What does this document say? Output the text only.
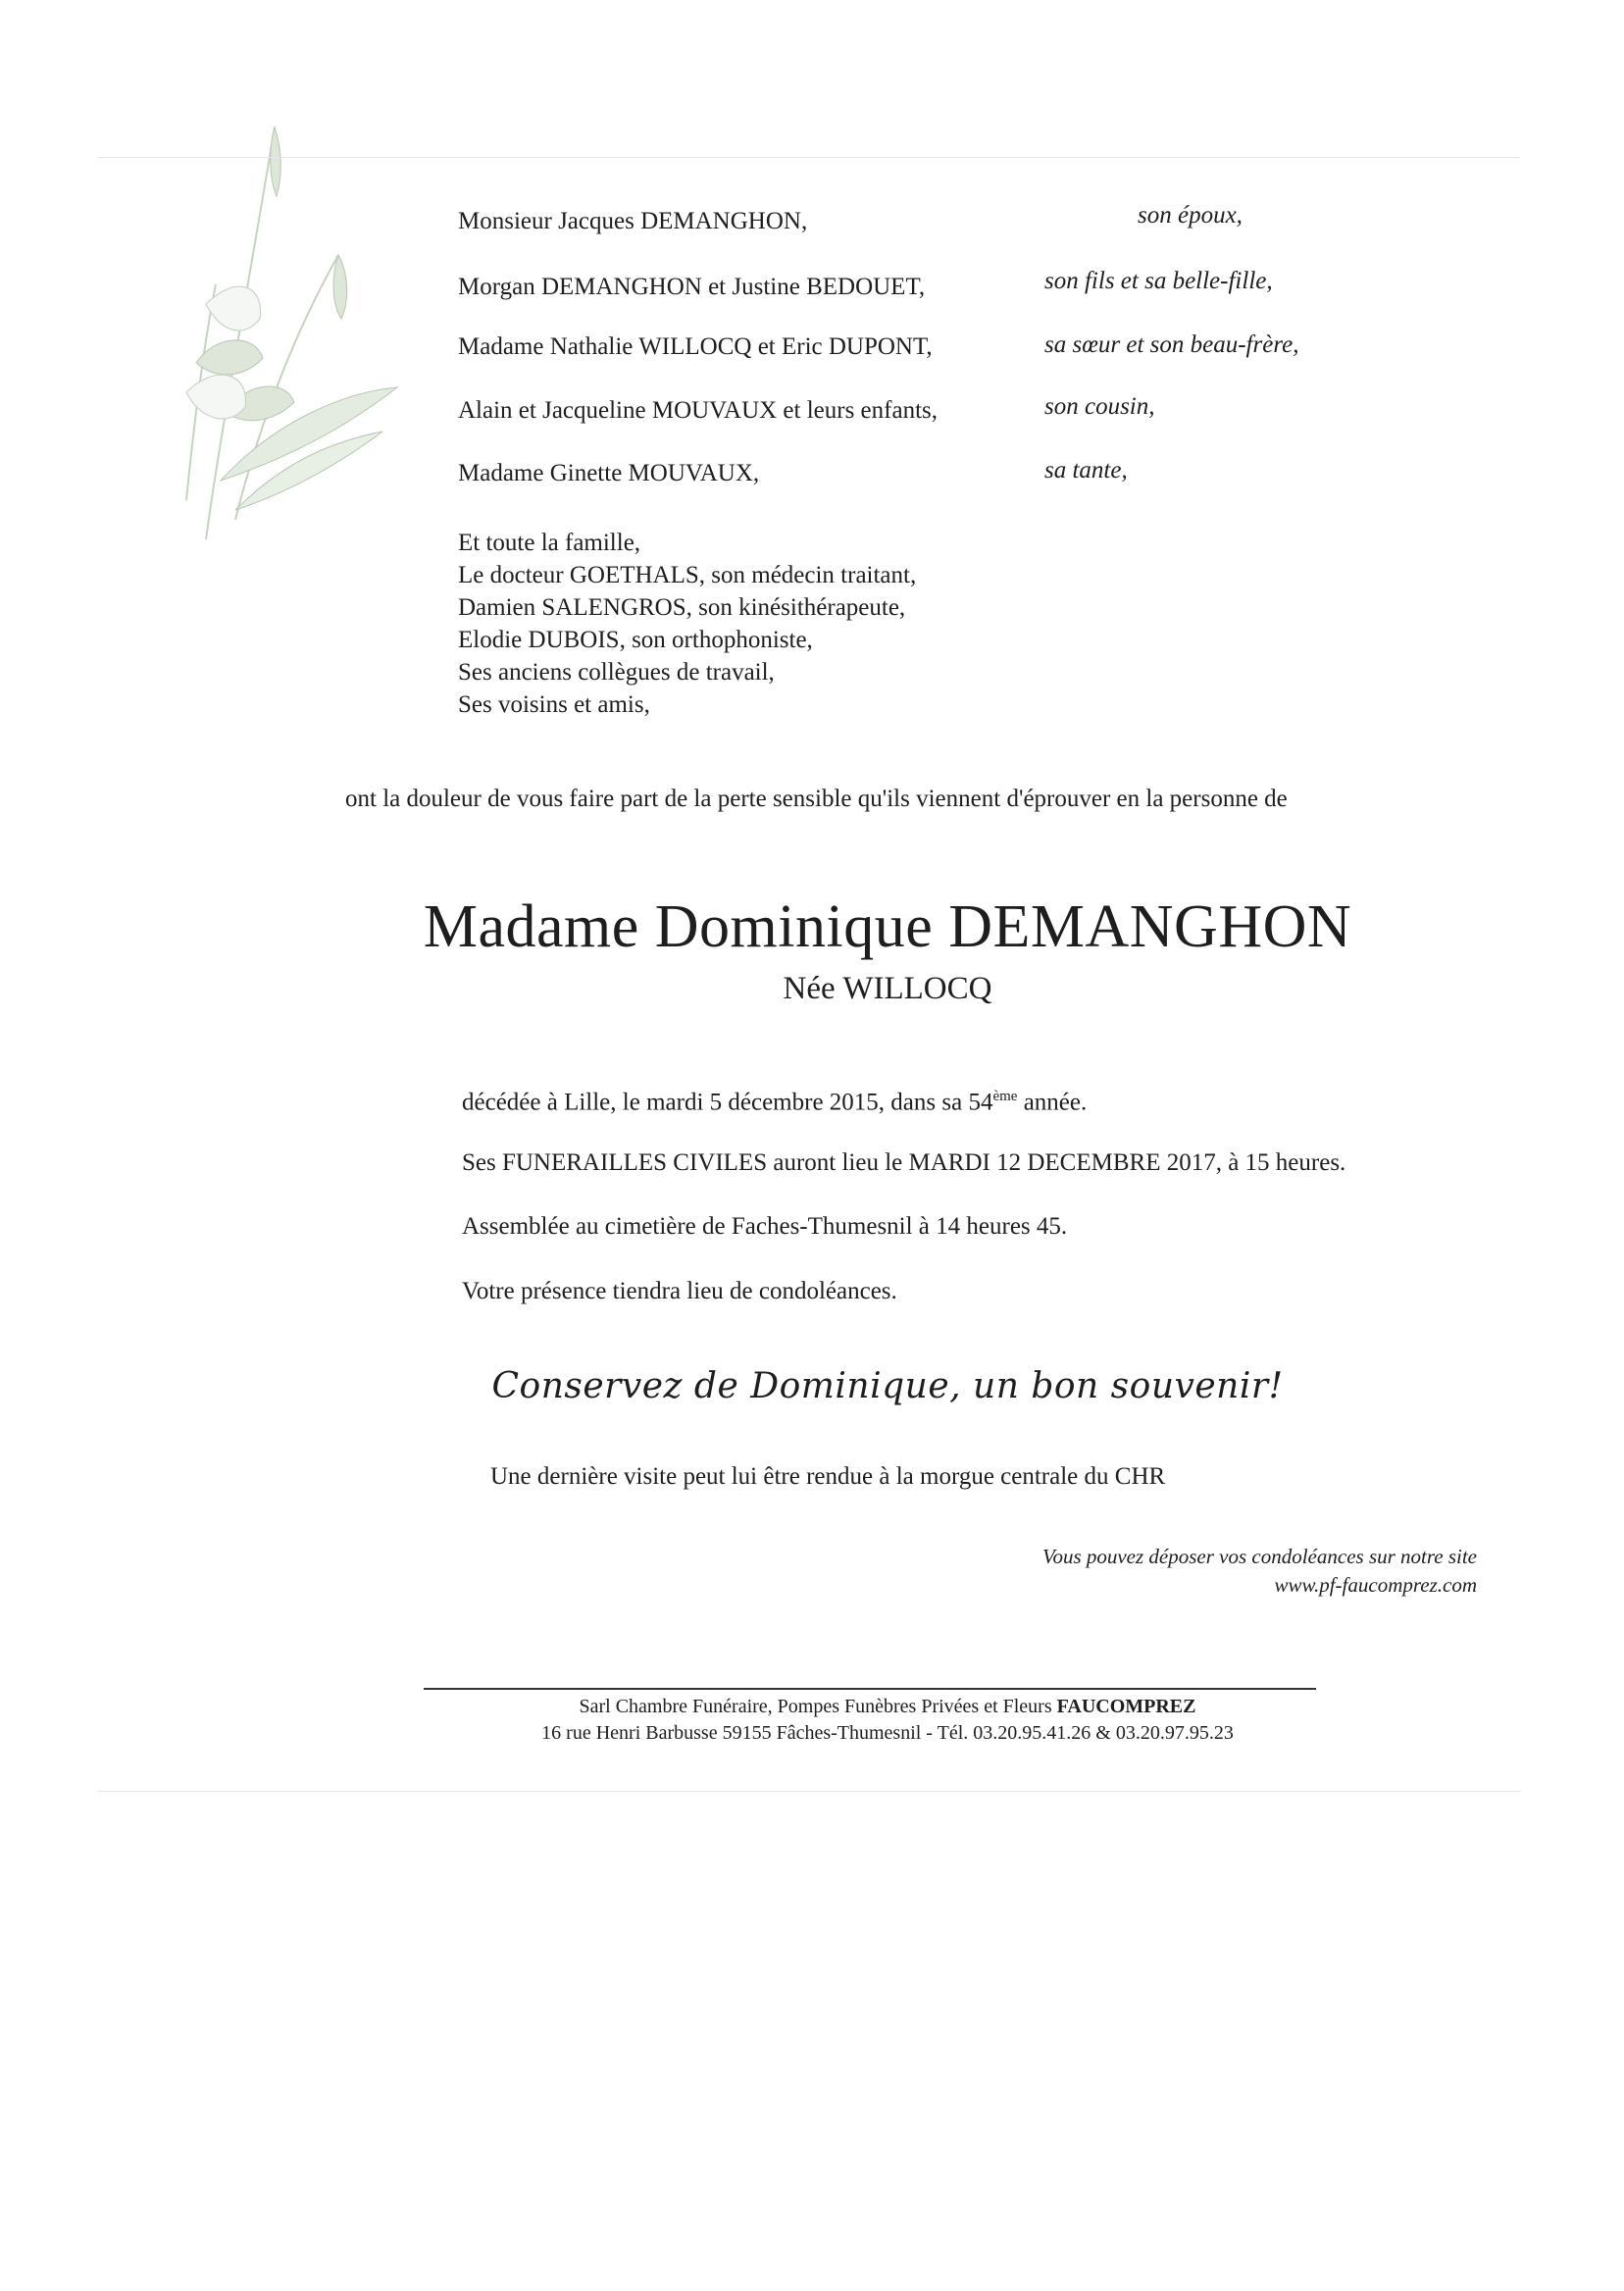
Monsieur Jacques DEMANGHON,	son époux,
Morgan DEMANGHON et Justine BEDOUET,	son fils et sa belle-fille,
Madame Nathalie WILLOCQ et Eric DUPONT,	sa sœur et son beau-frère,
Alain et Jacqueline MOUVAUX et leurs enfants,	son cousin,
Madame Ginette MOUVAUX,	sa tante,
Et toute la famille,
Le docteur GOETHALS, son médecin traitant,
Damien SALENGROS, son kinésithérapeute,
Elodie DUBOIS, son orthophoniste,
Ses anciens collègues de travail,
Ses voisins et amis,
ont la douleur de vous faire part de la perte sensible qu'ils viennent d'éprouver en la personne de
Madame Dominique DEMANGHON
Née WILLOCQ
décédée à Lille, le mardi 5 décembre 2015, dans sa 54ème année.
Ses FUNERAILLES CIVILES auront lieu le MARDI 12 DECEMBRE 2017, à 15 heures.
Assemblée au cimetière de Faches-Thumesnil à 14 heures 45.
Votre présence tiendra lieu de condoléances.
Conservez de Dominique, un bon souvenir!
Une dernière visite peut lui être rendue à la morgue centrale du CHR
Vous pouvez déposer vos condoléances sur notre site
www.pf-faucomprez.com
Sarl Chambre Funéraire, Pompes Funèbres Privées et Fleurs FAUCOMPREZ
16 rue Henri Barbusse 59155 Fâches-Thumesnil - Tél. 03.20.95.41.26 & 03.20.97.95.23
